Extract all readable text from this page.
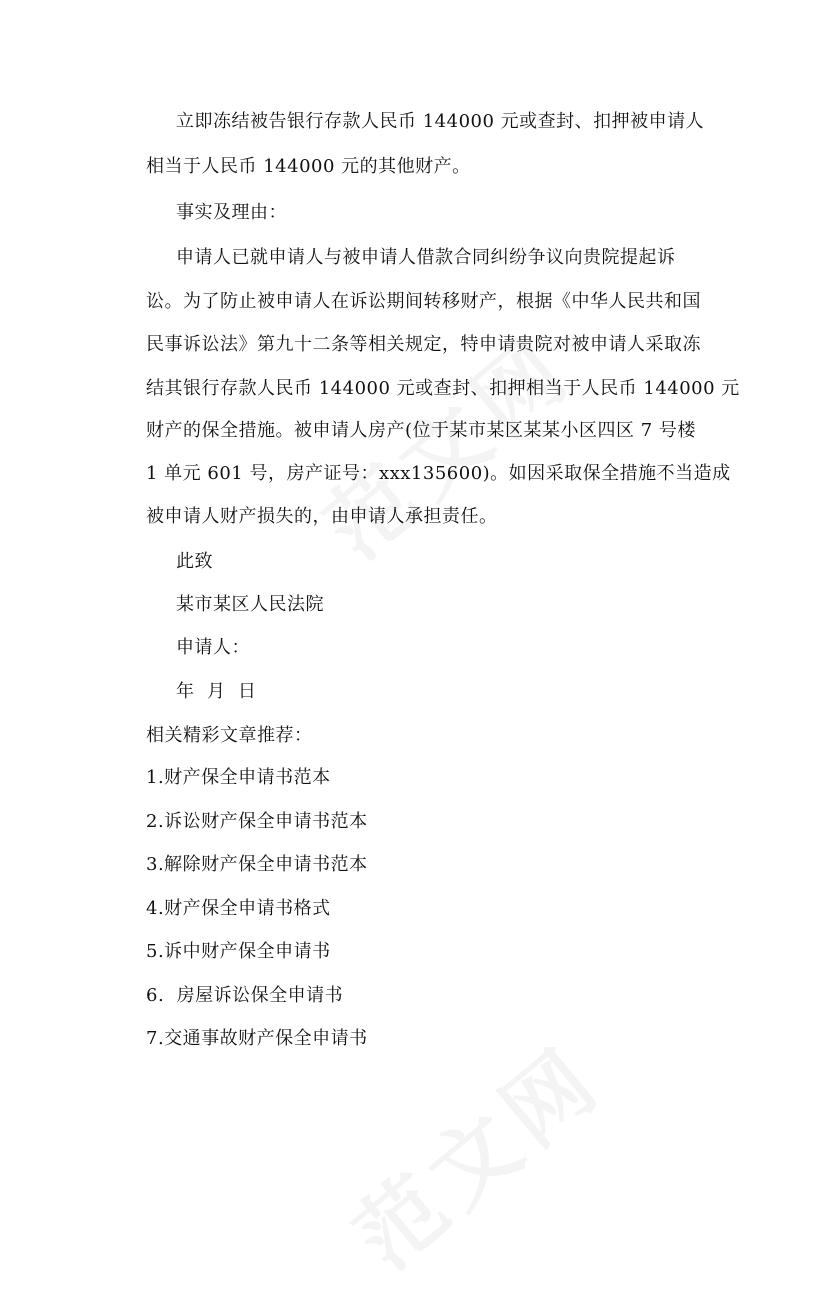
立即冻结被告银行存款人民币 144000 元或查封、扣押被申请人
相当于人民币 144000 元的其他财产。
事实及理由：
申请人已就申请人与被申请人借款合同纠纷争议向贵院提起诉
讼。为了防止被申请人在诉讼期间转移财产，根据《中华人民共和国
民事诉讼法》第九十二条等相关规定，特申请贵院对被申请人采取冻
结其银行存款人民币 144000 元或查封、扣押相当于人民币 144000 元
财产的保全措施。被申请人房产(位于某市某区某某小区四区 7 号楼
1 单元 601 号，房产证号：xxx135600)。如因采取保全措施不当造成
被申请人财产损失的，由申请人承担责任。
此致
某市某区人民法院
申请人：
年  月  日
相关精彩文章推荐：
1.财产保全申请书范本
2.诉讼财产保全申请书范本
3.解除财产保全申请书范本
4.财产保全申请书格式
5.诉中财产保全申请书
6.  房屋诉讼保全申请书
7.交通事故财产保全申请书
